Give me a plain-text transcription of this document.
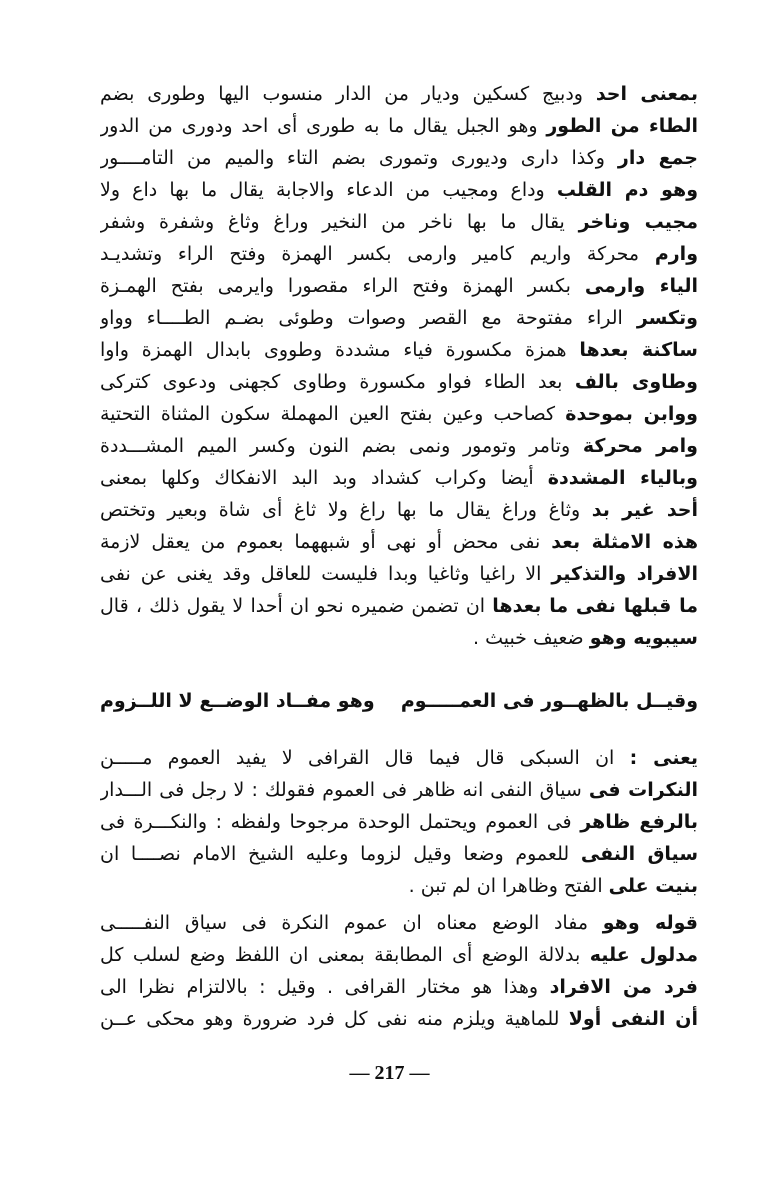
بمعنى احد ودبيج كسكين وديار من الدار منسوب اليها وطورى بضم
الطاء من الطور وهو الجبل يقال ما به طورى أى احد ودورى من الدور
جمع دار وكذا دارى وديورى وتمورى بضم التاء والميم من التامــــور
وهو دم القلب وداع ومجيب من الدعاء والاجابة يقال ما بها داع ولا
مجيب وناخر يقال ما بها ناخر من النخير وراغ وثاغ وشفرة وشفر
وارم محركة واريم كامير وارمى بكسر الهمزة وفتح الراء وتشديـد
الياء وارمى بكسر الهمزة وفتح الراء مقصورا وايرمى بفتح الهمـزة
وتكسر الراء مفتوحة مع القصر وصوات وطوئى بضـم الطــــاء وواو
ساكنة بعدها همزة مكسورة فياء مشددة وطووى بابدال الهمزة واوا
وطاوى بالف بعد الطاء فواو مكسورة وطاوى كجهنى ودعوى كترکی
ووابن بموحدة كصاحب وعين بفتح العين المهملة سكون المثناة التحتية
وامر محركة وتامر وتومور ونمى بضم النون وكسر الميم المشـــددة
وبالياء المشددة أيضا وكراب كشداد وبد البد الانفكاك وكلها بمعنى
أحد غير بد وثاغ وراغ يقال ما بها راغ ولا ثاغ أى شاة وبعير وتختص
هذه الامثلة بعد نفى محض أو نهى أو شبههما بعموم من يعقل لازمة
الافراد والتذكير الا راغيا وثاغيا وبدا فليست للعاقل وقد يغنى عن نفى
ما قبلها نفى ما بعدها ان تضمن ضميره نحو ان أحدا لا يقول ذلك ، قال
سيبويه وهو ضعيف خبيث .
وقيــل بالظهــور فى العمـــــوم
وهو مفــاد الوضــع لا اللــزوم
يعنى : ان السبكى قال فيما قال القرافى لا يفيد العموم مـــــن
النكرات فى سياق النفى انه ظاهر فى العموم فقولك : لا رجل فى الـــدار
بالرفع ظاهر فى العموم ويحتمل الوحدة مرجوحا ولفظه : والنكـــرة فى
سياق النفى للعموم وضعا وقيل لزوما وعليه الشيخ الامام نصــــا ان
بنيت على الفتح وظاهرا ان لم تبن .
قوله وهو مفاد الوضع معناه ان عموم النكرة فى سياق النفـــــى
مدلول عليه بدلالة الوضع أى المطابقة بمعنى ان اللفظ وضع لسلب كل
فرد من الافراد وهذا هو مختار القرافى . وقيل : بالالتزام نظرا الى
أن النفى أولا للماهية ويلزم منه نفى كل فرد ضرورة وهو محكى عــن
— 217 —
